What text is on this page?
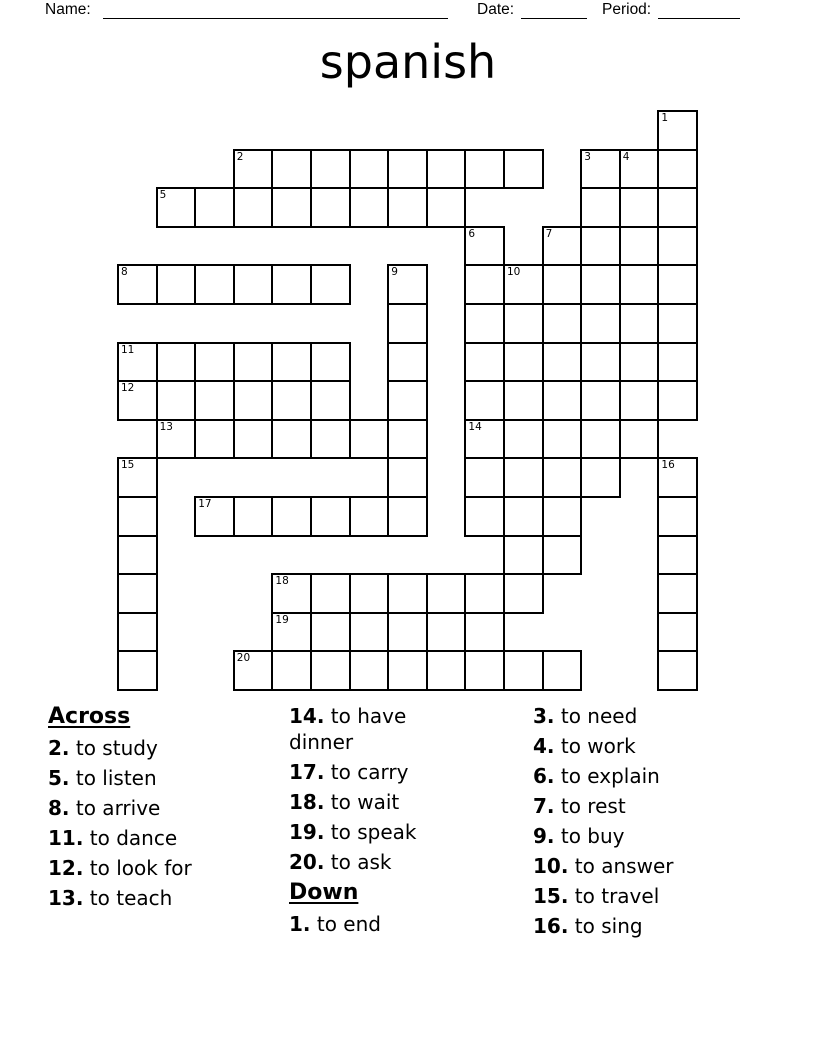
Name:	Date:	Period:
spanish
1
2	3	4
5
6	7
8	9	10
11
12
13	14
15	16
17
18
19
20
Across
2. to study
5. to listen
8. to arrive
11. to dance
12. to look for
13. to teach
14. to have dinner
17. to carry
18. to wait
19. to speak
20. to ask
Down
1. to end
3. to need
4. to work
6. to explain
7. to rest
9. to buy
10. to answer
15. to travel
16. to sing
